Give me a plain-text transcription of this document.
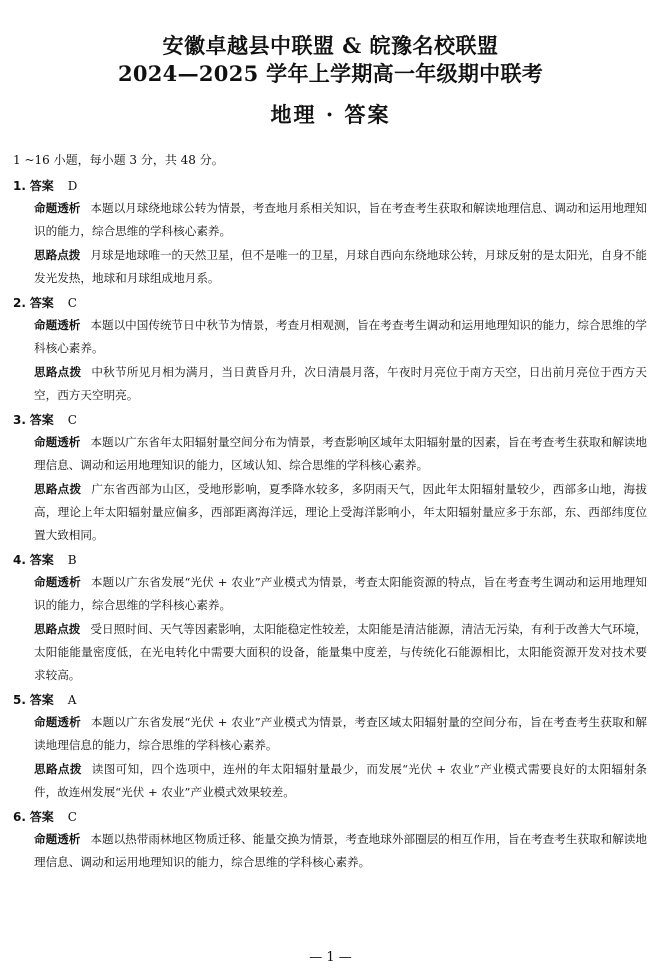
安徽卓越县中联盟 & 皖豫名校联盟
2024—2025 学年上学期高一年级期中联考
地理 · 答案
1 ~16 小题，每小题 3 分，共 48 分。
1. 答案 D

命题透析 本题以月球绕地球公转为情景，考查地月系相关知识，旨在考查考生获取和解读地理信息、调动和运用地理知识的能力，综合思维的学科核心素养。

思路点拨 月球是地球唯一的天然卫星，但不是唯一的卫星，月球自西向东绕地球公转，月球反射的是太阳光，自身不能发光发热，地球和月球组成地月系。

2. 答案 C

命题透析 本题以中国传统节日中秋节为情景，考查月相观测，旨在考查考生调动和运用地理知识的能力，综合思维的学科核心素养。

思路点拨 中秋节所见月相为满月，当日黄昏月升，次日清晨月落，午夜时月亮位于南方天空，日出前月亮位于西方天空，西方天空明亮。

3. 答案 C

命题透析 本题以广东省年太阳辐射量空间分布为情景，考查影响区域年太阳辐射量的因素，旨在考查考生获取和解读地理信息、调动和运用地理知识的能力，区域认知、综合思维的学科核心素养。

思路点拨 广东省西部为山区，受地形影响，夏季降水较多，多阴雨天气，因此年太阳辐射量较少，西部多山地，海拔高，理论上年太阳辐射量应偏多，西部距离海洋远，理论上受海洋影响小，年太阳辐射量应多于东部，东、西部纬度位置大致相同。

4. 答案 B

命题透析 本题以广东省发展“光伏 + 农业”产业模式为情景，考查太阳能资源的特点，旨在考查考生调动和运用地理知识的能力，综合思维的学科核心素养。

思路点拨 受日照时间、天气等因素影响，太阳能稳定性较差，太阳能是清洁能源，清洁无污染，有利于改善大气环境，太阳能能量密度低，在光电转化中需要大面积的设备，能量集中度差，与传统化石能源相比，太阳能资源开发对技术要求较高。

5. 答案 A

命题透析 本题以广东省发展“光伏 + 农业”产业模式为情景，考查区域太阳辐射量的空间分布，旨在考查考生获取和解读地理信息的能力，综合思维的学科核心素养。

思路点拨 读图可知，四个选项中，连州的年太阳辐射量最少，而发展“光伏 + 农业”产业模式需要良好的太阳辐射条件，故连州发展“光伏 + 农业”产业模式效果较差。

6. 答案 C

命题透析 本题以热带雨林地区物质迁移、能量交换为情景，考查地球外部圈层的相互作用，旨在考查考生获取和解读地理信息、调动和运用地理知识的能力，综合思维的学科核心素养。

— 1 —
